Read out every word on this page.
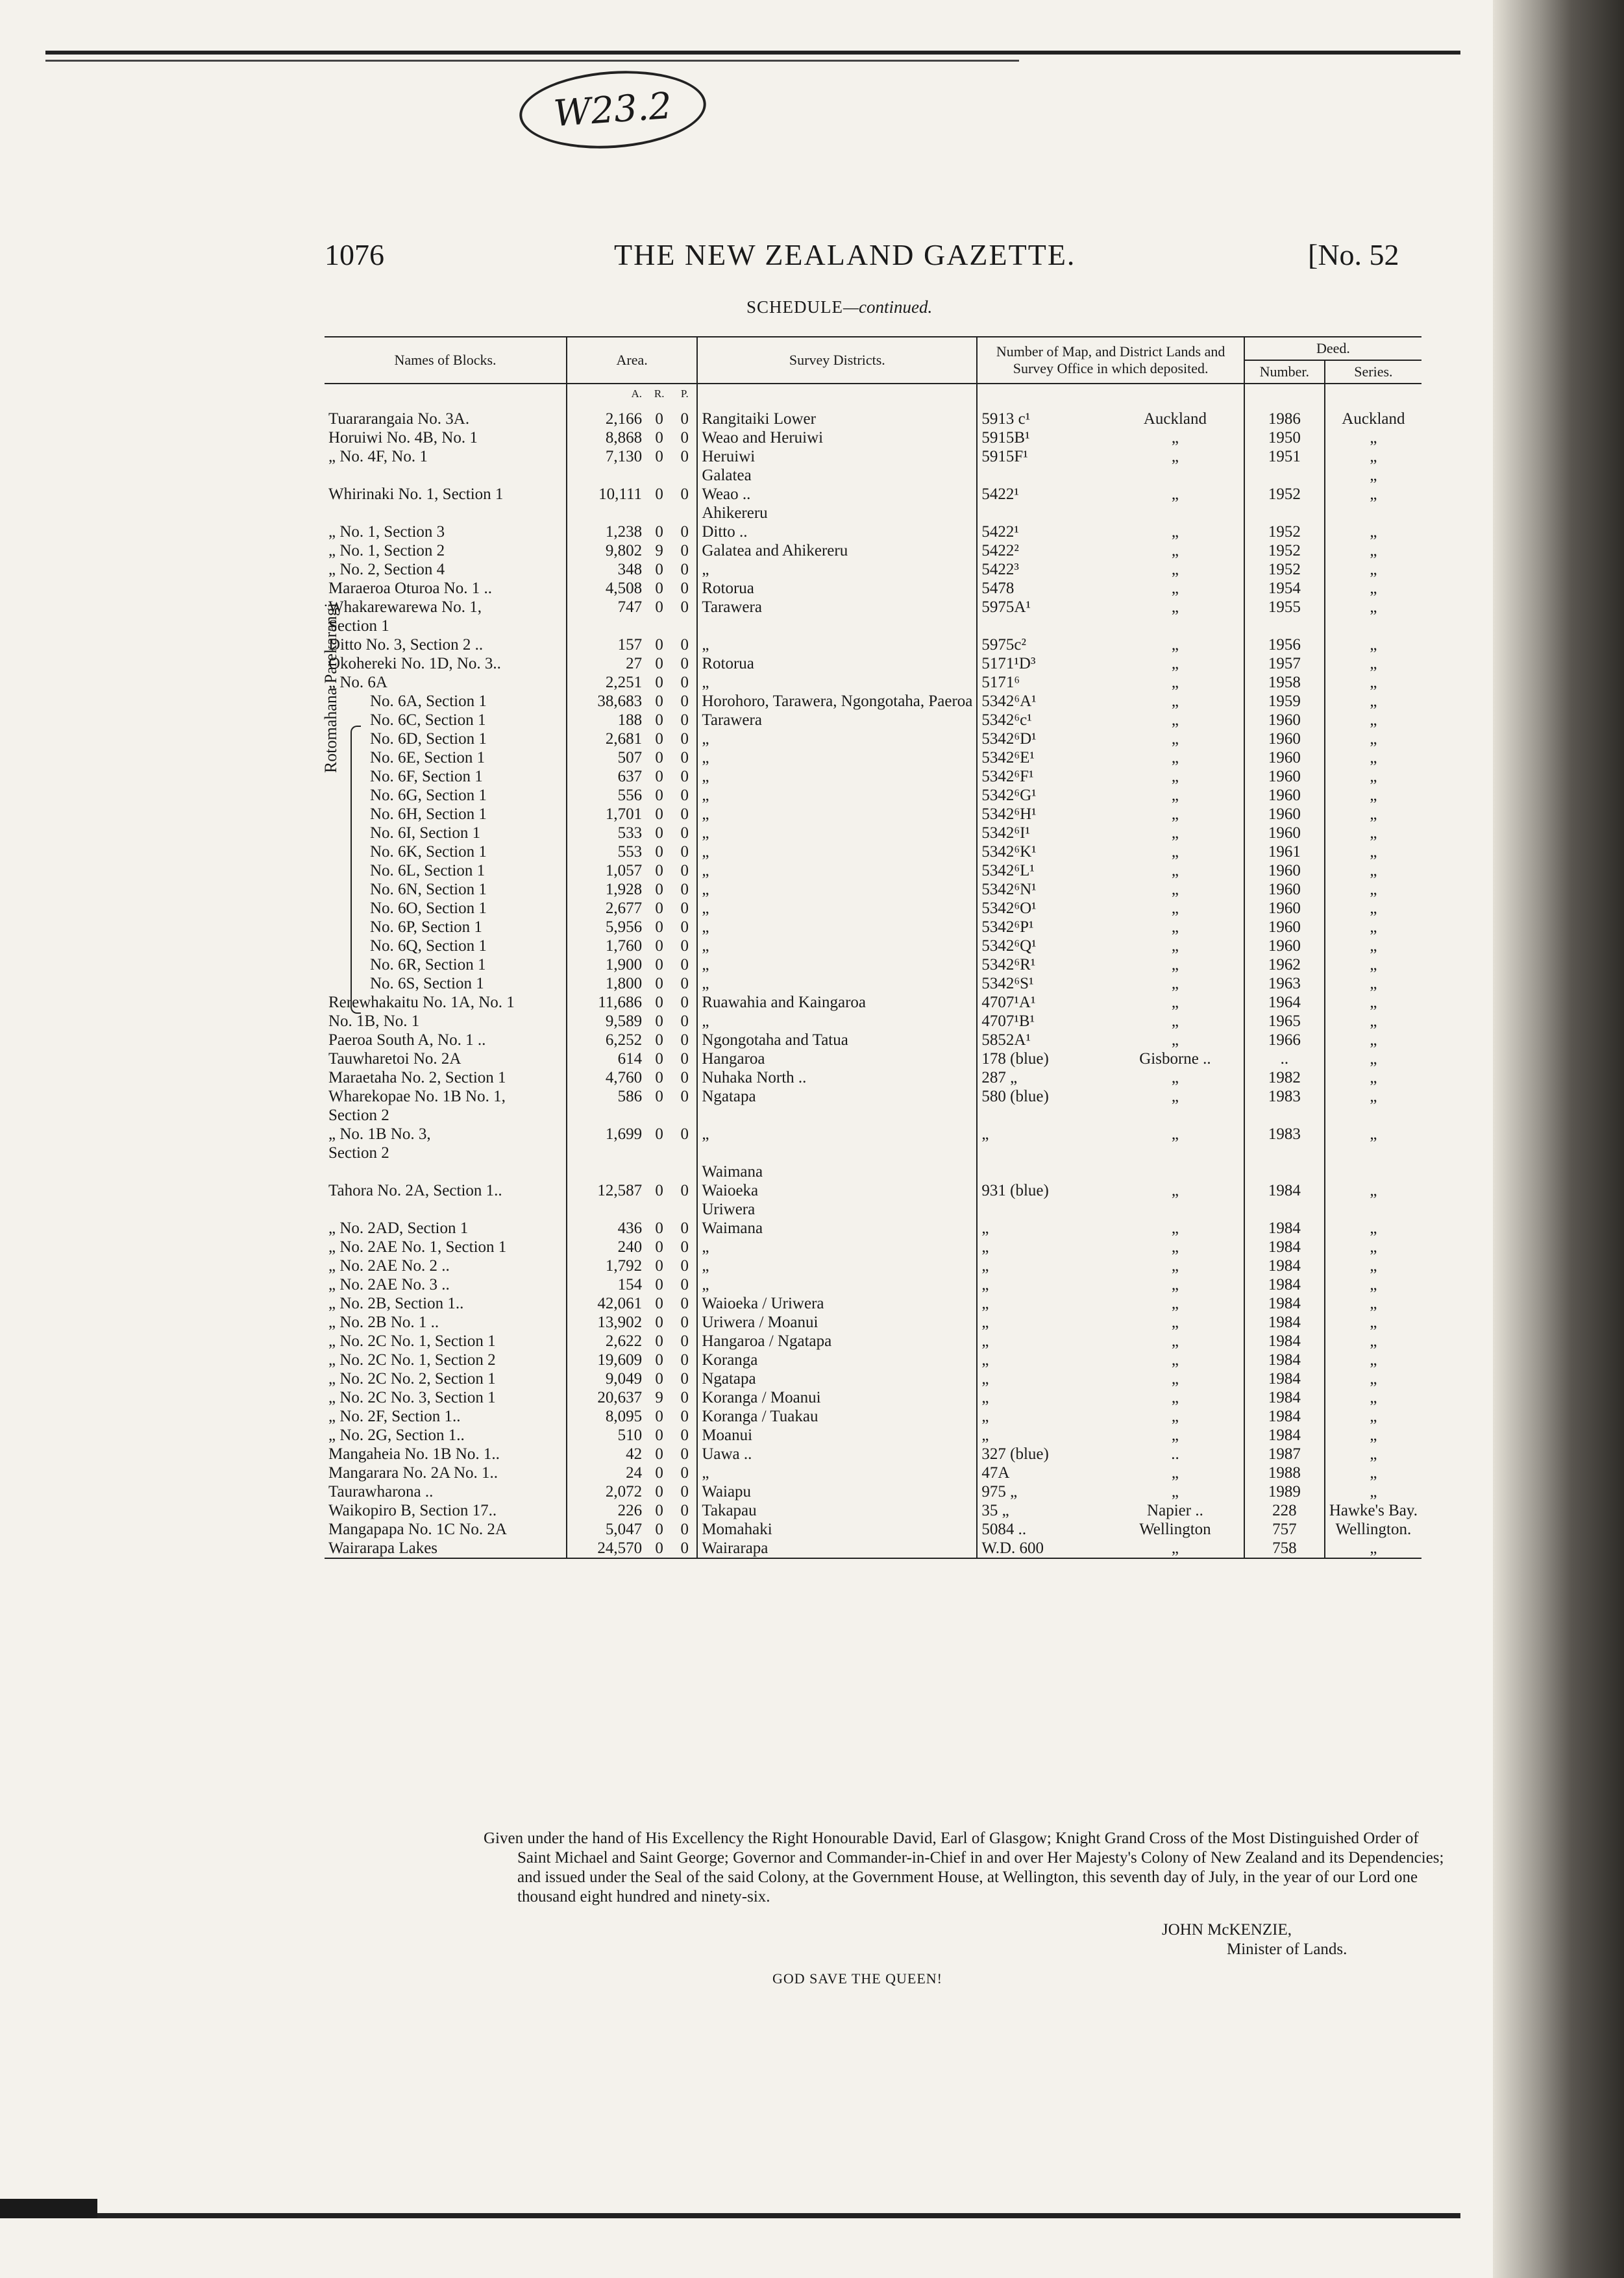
W23.2
1076	THE NEW ZEALAND GAZETTE.	[No. 52
SCHEDULE—continued.
Names of Blocks.	Area.			Survey Districts.	Number of Map, and District Lands and Survey Office in which deposited.		Deed.	
							Number.	Series.
	A.	R.	P.					
Tuararangaia No. 3A.	2,166	0	0	Rangitaiki Lower	5913 c¹	Auckland	1986	Auckland
Horuiwi No. 4B, No. 1	8,868	0	0	Weao and Heruiwi	5915B¹	„	1950	„
„ No. 4F, No. 1	7,130	0	0	Heruiwi	5915F¹	„	1951	„
				Galatea				„
Whirinaki No. 1, Section 1	10,111	0	0	Weao ..	5422¹	„	1952	„
				Ahikereru				
„ No. 1, Section 3	1,238	0	0	Ditto ..	5422¹	„	1952	„
„ No. 1, Section 2	9,802	9	0	Galatea and Ahikereru	5422²	„	1952	„
„ No. 2, Section 4	348	0	0	„	5422³	„	1952	„
Maraeroa Oturoa No. 1 ..	4,508	0	0	Rotorua	5478	„	1954	„
Whakarewarewa No. 1,	747	0	0	Tarawera	5975A¹	„	1955	„
Section 1								
Ditto No. 3, Section 2 ..	157	0	0	„	5975c²	„	1956	„
Okohereki No. 1D, No. 3..	27	0	0	Rotorua	5171¹D³	„	1957	„
„ No. 6A	2,251	0	0	„	5171⁶	„	1958	„
No. 6A, Section 1	38,683	0	0	Horohoro, Tarawera, Ngongotaha, Paeroa	5342⁶A¹	„	1959	„
No. 6C, Section 1	188	0	0	Tarawera	5342⁶c¹	„	1960	„
No. 6D, Section 1	2,681	0	0	„	5342⁶D¹	„	1960	„
No. 6E, Section 1	507	0	0	„	5342⁶E¹	„	1960	„
No. 6F, Section 1	637	0	0	„	5342⁶F¹	„	1960	„
No. 6G, Section 1	556	0	0	„	5342⁶G¹	„	1960	„
No. 6H, Section 1	1,701	0	0	„	5342⁶H¹	„	1960	„
No. 6I, Section 1	533	0	0	„	5342⁶I¹	„	1960	„
No. 6K, Section 1	553	0	0	„	5342⁶K¹	„	1961	„
No. 6L, Section 1	1,057	0	0	„	5342⁶L¹	„	1960	„
No. 6N, Section 1	1,928	0	0	„	5342⁶N¹	„	1960	„
No. 6O, Section 1	2,677	0	0	„	5342⁶O¹	„	1960	„
No. 6P, Section 1	5,956	0	0	„	5342⁶P¹	„	1960	„
No. 6Q, Section 1	1,760	0	0	„	5342⁶Q¹	„	1960	„
No. 6R, Section 1	1,900	0	0	„	5342⁶R¹	„	1962	„
No. 6S, Section 1	1,800	0	0	„	5342⁶S¹	„	1963	„
Rerewhakaitu No. 1A, No. 1	11,686	0	0	Ruawahia and Kaingaroa	4707¹A¹	„	1964	„
No. 1B, No. 1	9,589	0	0	„	4707¹B¹	„	1965	„
Paeroa South A, No. 1 ..	6,252	0	0	Ngongotaha and Tatua	5852A¹	„	1966	„
Tauwharetoi No. 2A	614	0	0	Hangaroa	178 (blue)	Gisborne ..	..	„
Maraetaha No. 2, Section 1	4,760	0	0	Nuhaka North ..	287 „	„	1982	„
Wharekopae No. 1B No. 1,	586	0	0	Ngatapa	580 (blue)	„	1983	„
Section 2								
„ No. 1B No. 3,	1,699	0	0	„	„	„	1983	„
Section 2								
				Waimana				
Tahora No. 2A, Section 1..	12,587	0	0	Waioeka	931 (blue)	„	1984	„
				Uriwera				
„ No. 2AD, Section 1	436	0	0	Waimana	„	„	1984	„
„ No. 2AE No. 1, Section 1	240	0	0	„	„	„	1984	„
„ No. 2AE No. 2 ..	1,792	0	0	„	„	„	1984	„
„ No. 2AE No. 3 ..	154	0	0	„	„	„	1984	„
„ No. 2B, Section 1..	42,061	0	0	Waioeka / Uriwera	„	„	1984	„
„ No. 2B No. 1 ..	13,902	0	0	Uriwera / Moanui	„	„	1984	„
„ No. 2C No. 1, Section 1	2,622	0	0	Hangaroa / Ngatapa	„	„	1984	„
„ No. 2C No. 1, Section 2	19,609	0	0	Koranga	„	„	1984	„
„ No. 2C No. 2, Section 1	9,049	0	0	Ngatapa	„	„	1984	„
„ No. 2C No. 3, Section 1	20,637	9	0	Koranga / Moanui	„	„	1984	„
„ No. 2F, Section 1..	8,095	0	0	Koranga / Tuakau	„	„	1984	„
„ No. 2G, Section 1..	510	0	0	Moanui	„	„	1984	„
Mangaheia No. 1B No. 1..	42	0	0	Uawa ..	327 (blue)	..	1987	„
Mangarara No. 2A No. 1..	24	0	0	„	47A	„	1988	„
Taurawharona ..	2,072	0	0	Waiapu	975 „	„	1989	„
Waikopiro B, Section 17..	226	0	0	Takapau	35 „	Napier ..	228	Hawke's Bay.
Mangapapa No. 1C No. 2A	5,047	0	0	Momahaki	5084 ..	Wellington	757	Wellington.
Wairarapa Lakes	24,570	0	0	Wairarapa	W.D. 600	„	758	„

Rotomahana Parekarangi
Given under the hand of His Excellency the Right Honourable David, Earl of Glasgow; Knight Grand Cross of the Most Distinguished Order of Saint Michael and Saint George; Governor and Commander-in-Chief in and over Her Majesty's Colony of New Zealand and its Dependencies; and issued under the Seal of the said Colony, at the Government House, at Wellington, this seventh day of July, in the year of our Lord one thousand eight hundred and ninety-six.
JOHN McKENZIE,
Minister of Lands.
GOD SAVE THE QUEEN!
